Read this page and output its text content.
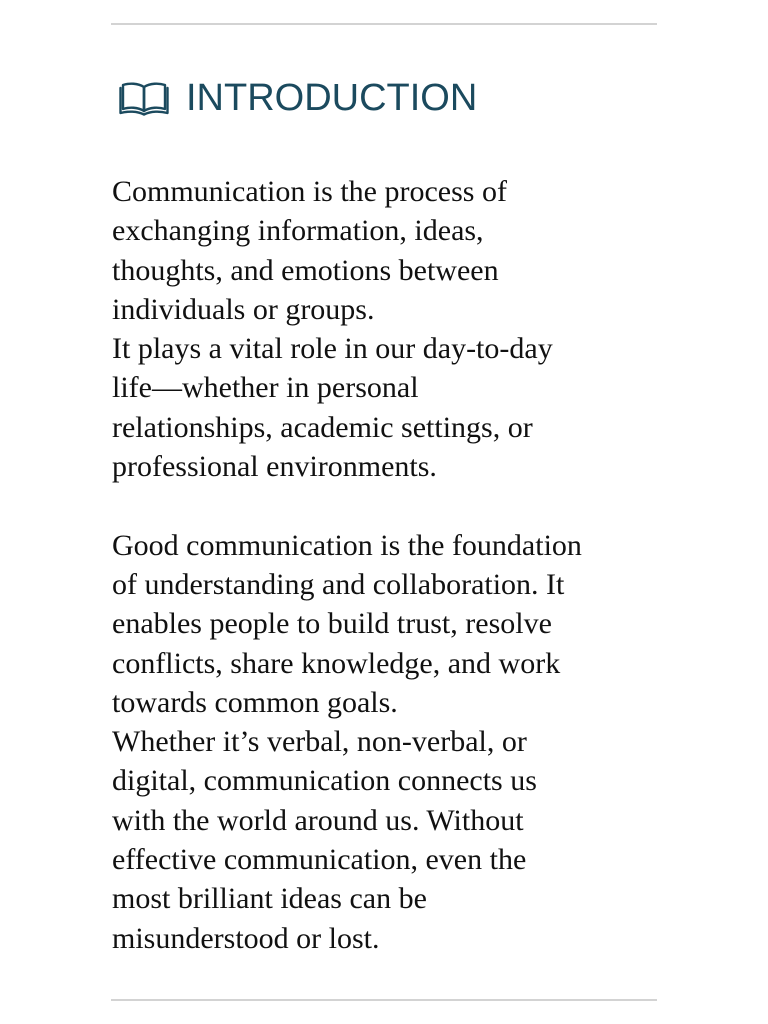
INTRODUCTION
Communication is the process of
exchanging information, ideas,
thoughts, and emotions between
individuals or groups.
It plays a vital role in our day-to-day
life—whether in personal
relationships, academic settings, or
professional environments.
Good communication is the foundation
of understanding and collaboration. It
enables people to build trust, resolve
conflicts, share knowledge, and work
towards common goals.
Whether it’s verbal, non-verbal, or
digital, communication connects us
with the world around us. Without
effective communication, even the
most brilliant ideas can be
misunderstood or lost.
